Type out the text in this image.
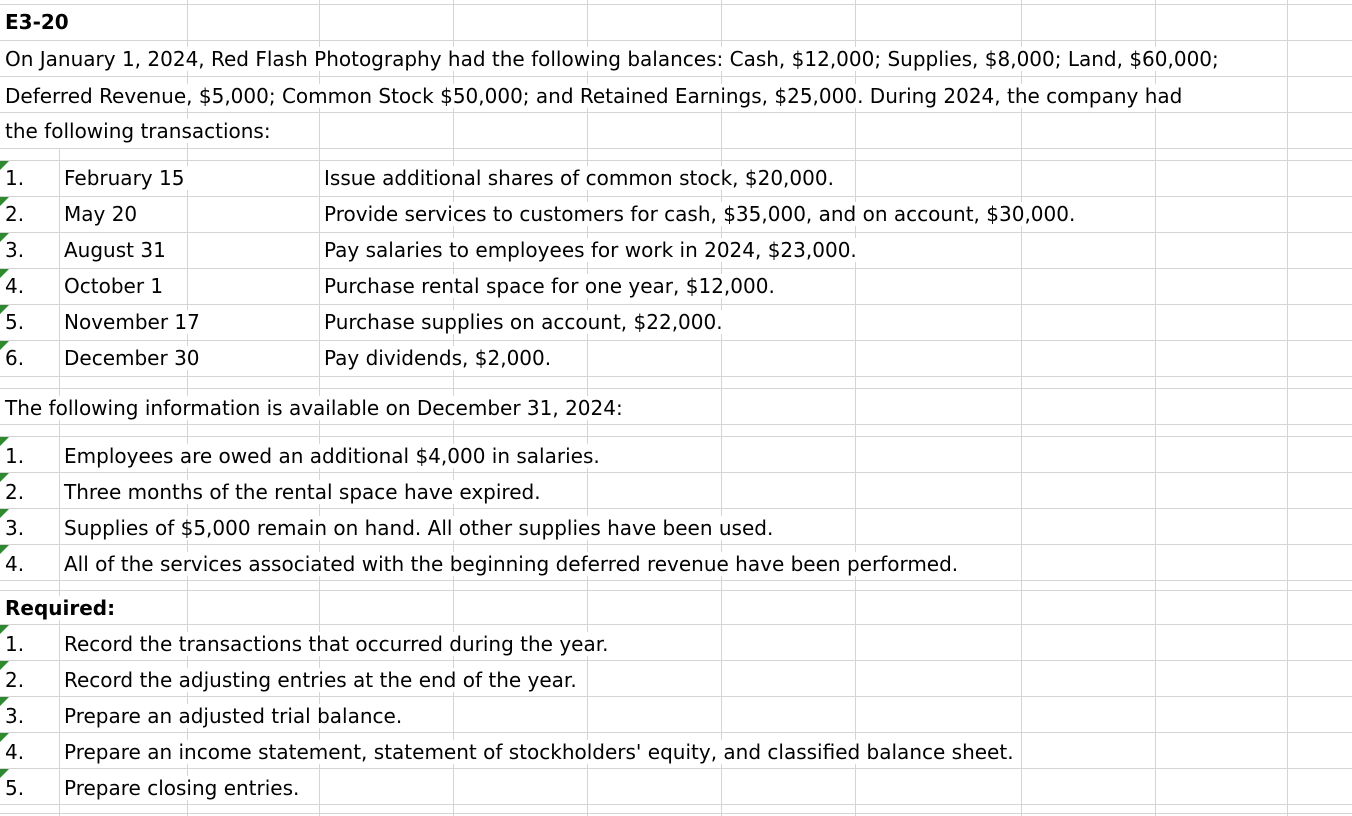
E3-20
On January 1, 2024, Red Flash Photography had the following balances: Cash, $12,000; Supplies, $8,000; Land, $60,000;
Deferred Revenue, $5,000; Common Stock $50,000; and Retained Earnings, $25,000. During 2024, the company had
the following transactions:
1.	February 15	Issue additional shares of common stock, $20,000.
2.	May 20	Provide services to customers for cash, $35,000, and on account, $30,000.
3.	August 31	Pay salaries to employees for work in 2024, $23,000.
4.	October 1	Purchase rental space for one year, $12,000.
5.	November 17	Purchase supplies on account, $22,000.
6.	December 30	Pay dividends, $2,000.
The following information is available on December 31, 2024:
1.	Employees are owed an additional $4,000 in salaries.
2.	Three months of the rental space have expired.
3.	Supplies of $5,000 remain on hand. All other supplies have been used.
4.	All of the services associated with the beginning deferred revenue have been performed.
Required:
1.	Record the transactions that occurred during the year.
2.	Record the adjusting entries at the end of the year.
3.	Prepare an adjusted trial balance.
4.	Prepare an income statement, statement of stockholders' equity, and classified balance sheet.
5.	Prepare closing entries.
